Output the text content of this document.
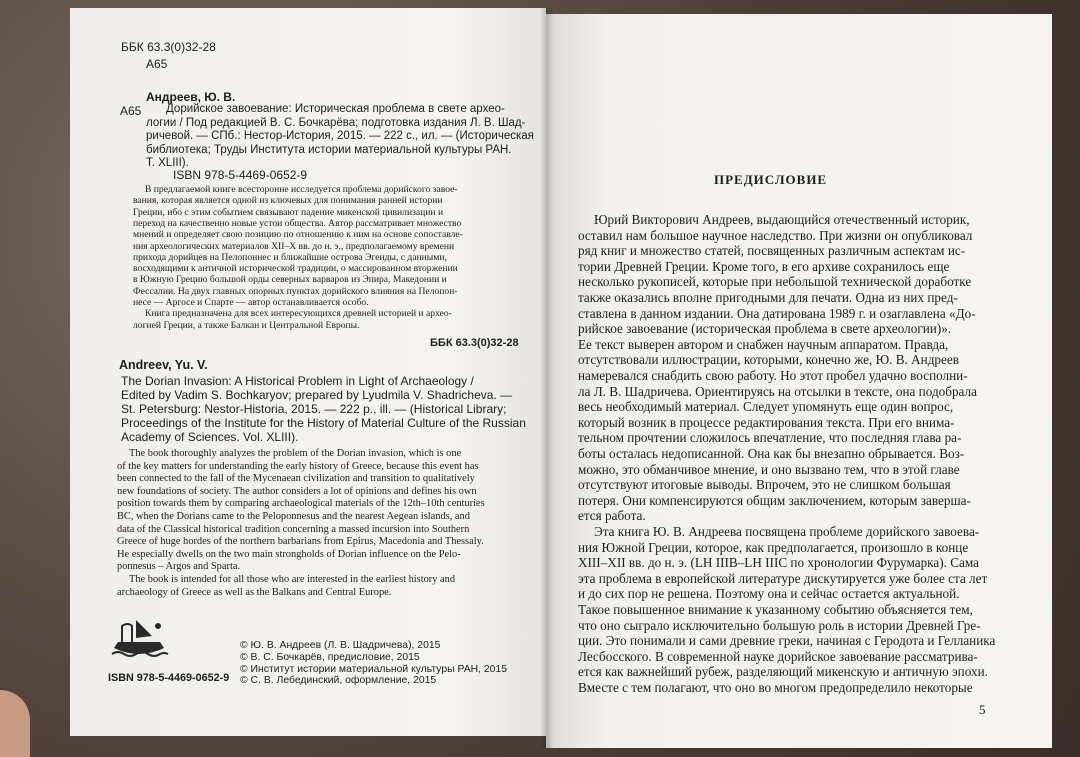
ББК 63.3(0)32-28
А65
Андреев, Ю. В.
А65 Дорийское завоевание: Историческая проблема в свете архео-
логии / Под редакцией В. С. Бочкарёва; подготовка издания Л. В. Шад-
ричевой. — СПб.: Нестор-История, 2015. — 222 с., ил. — (Историческая
библиотека; Труды Института истории материальной культуры РАН.
Т. XLIII).
ISBN 978-5-4469-0652-9
В предлагаемой книге всесторонне исследуется проблема дорийского завое-
вания, которая является одной из ключевых для понимания ранней истории
Греции, ибо с этим событием связывают падение микенской цивилизации и
переход на качественно новые устои общества. Автор рассматривает множество
мнений и определяет свою позицию по отношению к ним на основе сопоставле-
ния археологических материалов XII–X вв. до н. э., предполагаемому времени
прихода дорийцев на Пелопоннес и ближайшие острова Эгеиды, с данными,
восходящими к античной исторической традиции, о массированном вторжении
в Южную Грецию большой орды северных варваров из Эпира, Македонии и
Фессалии. На двух главных опорных пунктах дорийского влияния на Пелопон-
несе — Аргосе и Спарте — автор останавливается особо.
Книга предназначена для всех интересующихся древней историей и архео-
логией Греции, а также Балкан и Центральной Европы.
ББК 63.3(0)32-28
Andreev, Yu. V.
The Dorian Invasion: A Historical Problem in Light of Archaeology /
Edited by Vadim S. Bochkaryov; prepared by Lyudmila V. Shadricheva. —
St. Petersburg: Nestor-Historia, 2015. — 222 p., ill. — (Historical Library;
Proceedings of the Institute for the History of Material Culture of the Russian
Academy of Sciences. Vol. XLIII).
The book thoroughly analyzes the problem of the Dorian invasion, which is one
of the key matters for understanding the early history of Greece, because this event has
been connected to the fall of the Mycenaean civilization and transition to qualitatively
new foundations of society. The author considers a lot of opinions and defines his own
position towards them by comparing archaeological materials of the 12th–10th centuries
BC, when the Dorians came to the Peloponnesus and the nearest Aegean islands, and
data of the Classical historical tradition concerning a massed incursion into Southern
Greece of huge hordes of the northern barbarians from Epirus, Macedonia and Thessaly.
He especially dwells on the two main strongholds of Dorian influence on the Pelo-
ponnesus – Argos and Sparta.
The book is intended for all those who are interested in the earliest history and
archaeology of Greece as well as the Balkans and Central Europe.
ISBN 978-5-4469-0652-9
© Ю. В. Андреев (Л. В. Шадричева), 2015
© В. С. Бочкарёв, предисловие, 2015
© Институт истории материальной культуры РАН, 2015
© С. В. Лебединский, оформление, 2015
ПРЕДИСЛОВИЕ
Юрий Викторович Андреев, выдающийся отечественный историк,
оставил нам большое научное наследство. При жизни он опубликовал
ряд книг и множество статей, посвященных различным аспектам ис-
тории Древней Греции. Кроме того, в его архиве сохранилось еще
несколько рукописей, которые при небольшой технической доработке
также оказались вполне пригодными для печати. Одна из них пред-
ставлена в данном издании. Она датирована 1989 г. и озаглавлена «До-
рийское завоевание (историческая проблема в свете археологии)».
Ее текст выверен автором и снабжен научным аппаратом. Правда,
отсутствовали иллюстрации, которыми, конечно же, Ю. В. Андреев
намеревался снабдить свою работу. Но этот пробел удачно восполни-
ла Л. В. Шадричева. Ориентируясь на отсылки в тексте, она подобрала
весь необходимый материал. Следует упомянуть еще один вопрос,
который возник в процессе редактирования текста. При его внима-
тельном прочтении сложилось впечатление, что последняя глава ра-
боты осталась недописанной. Она как бы внезапно обрывается. Воз-
можно, это обманчивое мнение, и оно вызвано тем, что в этой главе
отсутствуют итоговые выводы. Впрочем, это не слишком большая
потеря. Они компенсируются общим заключением, которым заверша-
ется работа.
Эта книга Ю. В. Андреева посвящена проблеме дорийского завоева-
ния Южной Греции, которое, как предполагается, произошло в конце
XIII–XII вв. до н. э. (LH IIIB–LH IIIC по хронологии Фурумарка). Сама
эта проблема в европейской литературе дискутируется уже более ста лет
и до сих пор не решена. Поэтому она и сейчас остается актуальной.
Такое повышенное внимание к указанному событию объясняется тем,
что оно сыграло исключительно большую роль в истории Древней Гре-
ции. Это понимали и сами древние греки, начиная с Геродота и Гелланика
Лесбосского. В современной науке дорийское завоевание рассматрива-
ется как важнейший рубеж, разделяющий микенскую и античную эпохи.
Вместе с тем полагают, что оно во многом предопределило некоторые
5
